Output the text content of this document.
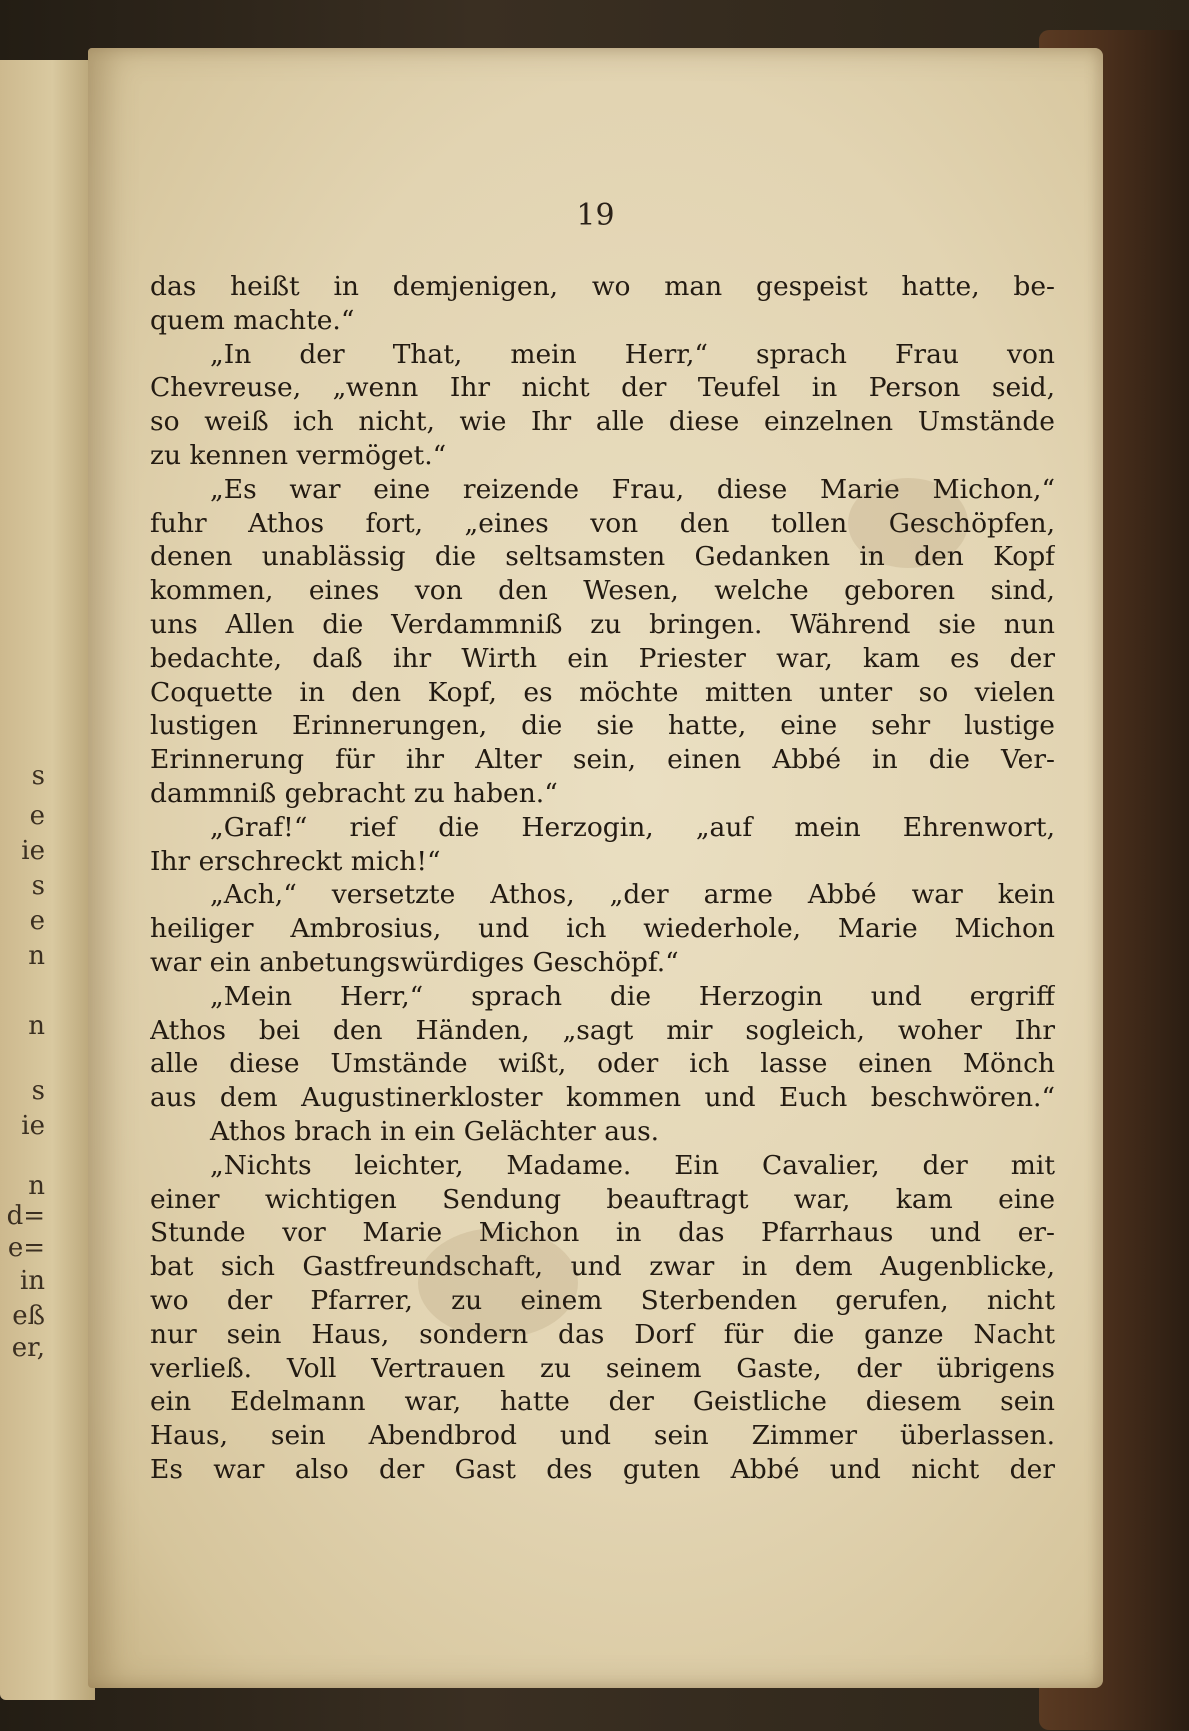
s
e
ie
s
e
n
n
s
ie
n
d=
e=
in
eß
er,
19
das heißt in demjenigen, wo man gespeist hatte, be-
quem machte.“
„In der That, mein Herr,“ sprach Frau von
Chevreuse, „wenn Ihr nicht der Teufel in Person seid,
so weiß ich nicht, wie Ihr alle diese einzelnen Umstände
zu kennen vermöget.“
„Es war eine reizende Frau, diese Marie Michon,“
fuhr Athos fort, „eines von den tollen Geschöpfen,
denen unablässig die seltsamsten Gedanken in den Kopf
kommen, eines von den Wesen, welche geboren sind,
uns Allen die Verdammniß zu bringen. Während sie nun
bedachte, daß ihr Wirth ein Priester war, kam es der
Coquette in den Kopf, es möchte mitten unter so vielen
lustigen Erinnerungen, die sie hatte, eine sehr lustige
Erinnerung für ihr Alter sein, einen Abbé in die Ver-
dammniß gebracht zu haben.“
„Graf!“ rief die Herzogin, „auf mein Ehrenwort,
Ihr erschreckt mich!“
„Ach,“ versetzte Athos, „der arme Abbé war kein
heiliger Ambrosius, und ich wiederhole, Marie Michon
war ein anbetungswürdiges Geschöpf.“
„Mein Herr,“ sprach die Herzogin und ergriff
Athos bei den Händen, „sagt mir sogleich, woher Ihr
alle diese Umstände wißt, oder ich lasse einen Mönch
aus dem Augustinerkloster kommen und Euch beschwören.“
Athos brach in ein Gelächter aus.
„Nichts leichter, Madame. Ein Cavalier, der mit
einer wichtigen Sendung beauftragt war, kam eine
Stunde vor Marie Michon in das Pfarrhaus und er-
bat sich Gastfreundschaft, und zwar in dem Augenblicke,
wo der Pfarrer, zu einem Sterbenden gerufen, nicht
nur sein Haus, sondern das Dorf für die ganze Nacht
verließ. Voll Vertrauen zu seinem Gaste, der übrigens
ein Edelmann war, hatte der Geistliche diesem sein
Haus, sein Abendbrod und sein Zimmer überlassen.
Es war also der Gast des guten Abbé und nicht der
